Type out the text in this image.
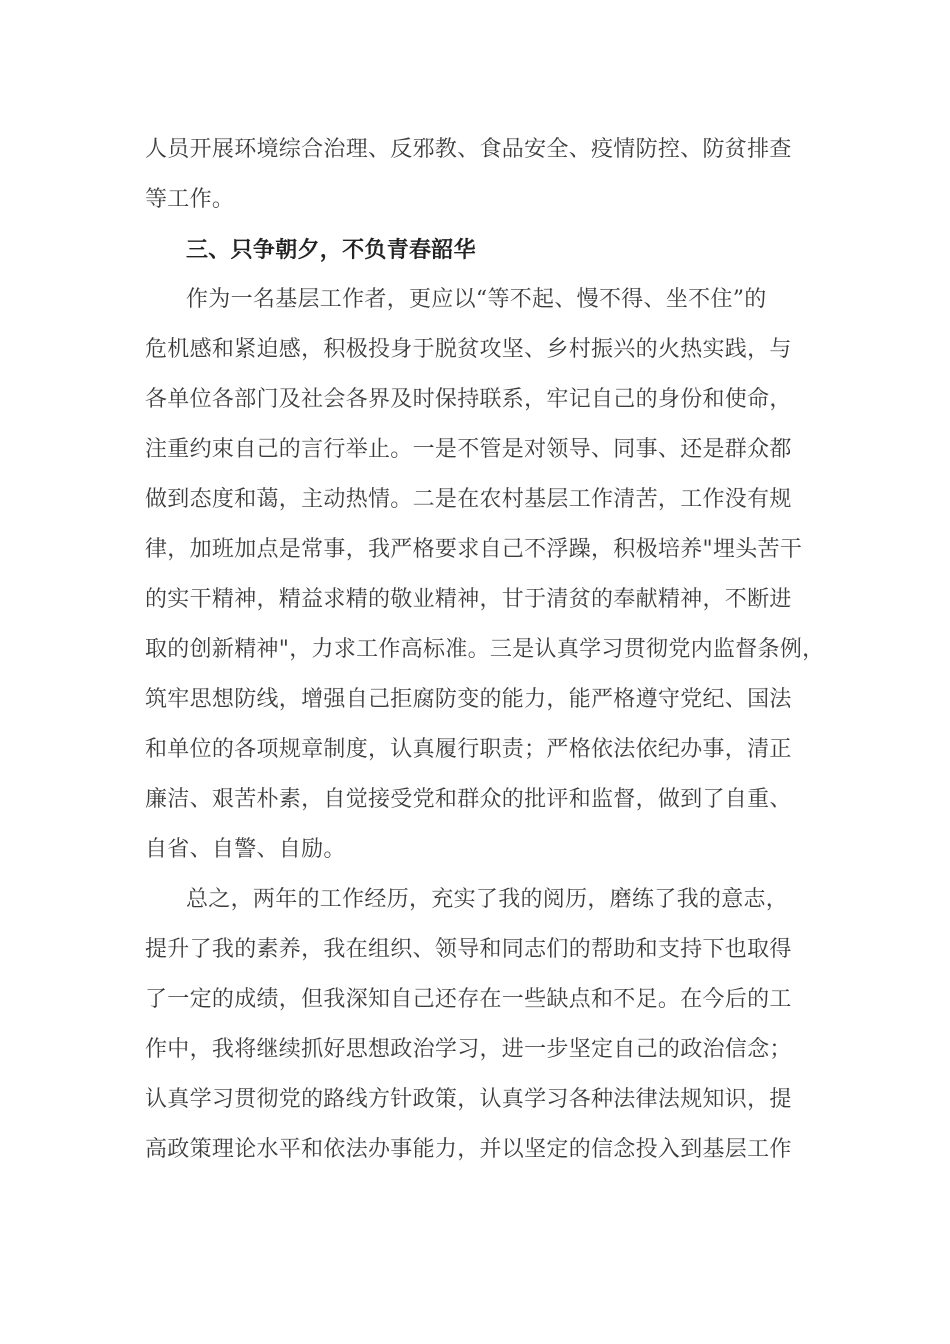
人员开展环境综合治理、反邪教、食品安全、疫情防控、防贫排查
等工作。
三、只争朝夕，不负青春韶华
作为一名基层工作者，更应以“等不起、慢不得、坐不住”的
危机感和紧迫感，积极投身于脱贫攻坚、乡村振兴的火热实践，与
各单位各部门及社会各界及时保持联系，牢记自己的身份和使命，
注重约束自己的言行举止。一是不管是对领导、同事、还是群众都
做到态度和蔼，主动热情。二是在农村基层工作清苦，工作没有规
律，加班加点是常事，我严格要求自己不浮躁，积极培养"埋头苦干
的实干精神，精益求精的敬业精神，甘于清贫的奉献精神，不断进
取的创新精神"，力求工作高标准。三是认真学习贯彻党内监督条例，
筑牢思想防线，增强自己拒腐防变的能力，能严格遵守党纪、国法
和单位的各项规章制度，认真履行职责；严格依法依纪办事，清正
廉洁、艰苦朴素，自觉接受党和群众的批评和监督，做到了自重、
自省、自警、自励。
总之，两年的工作经历，充实了我的阅历，磨练了我的意志，
提升了我的素养，我在组织、领导和同志们的帮助和支持下也取得
了一定的成绩，但我深知自己还存在一些缺点和不足。在今后的工
作中，我将继续抓好思想政治学习，进一步坚定自己的政治信念；
认真学习贯彻党的路线方针政策，认真学习各种法律法规知识，提
高政策理论水平和依法办事能力，并以坚定的信念投入到基层工作
